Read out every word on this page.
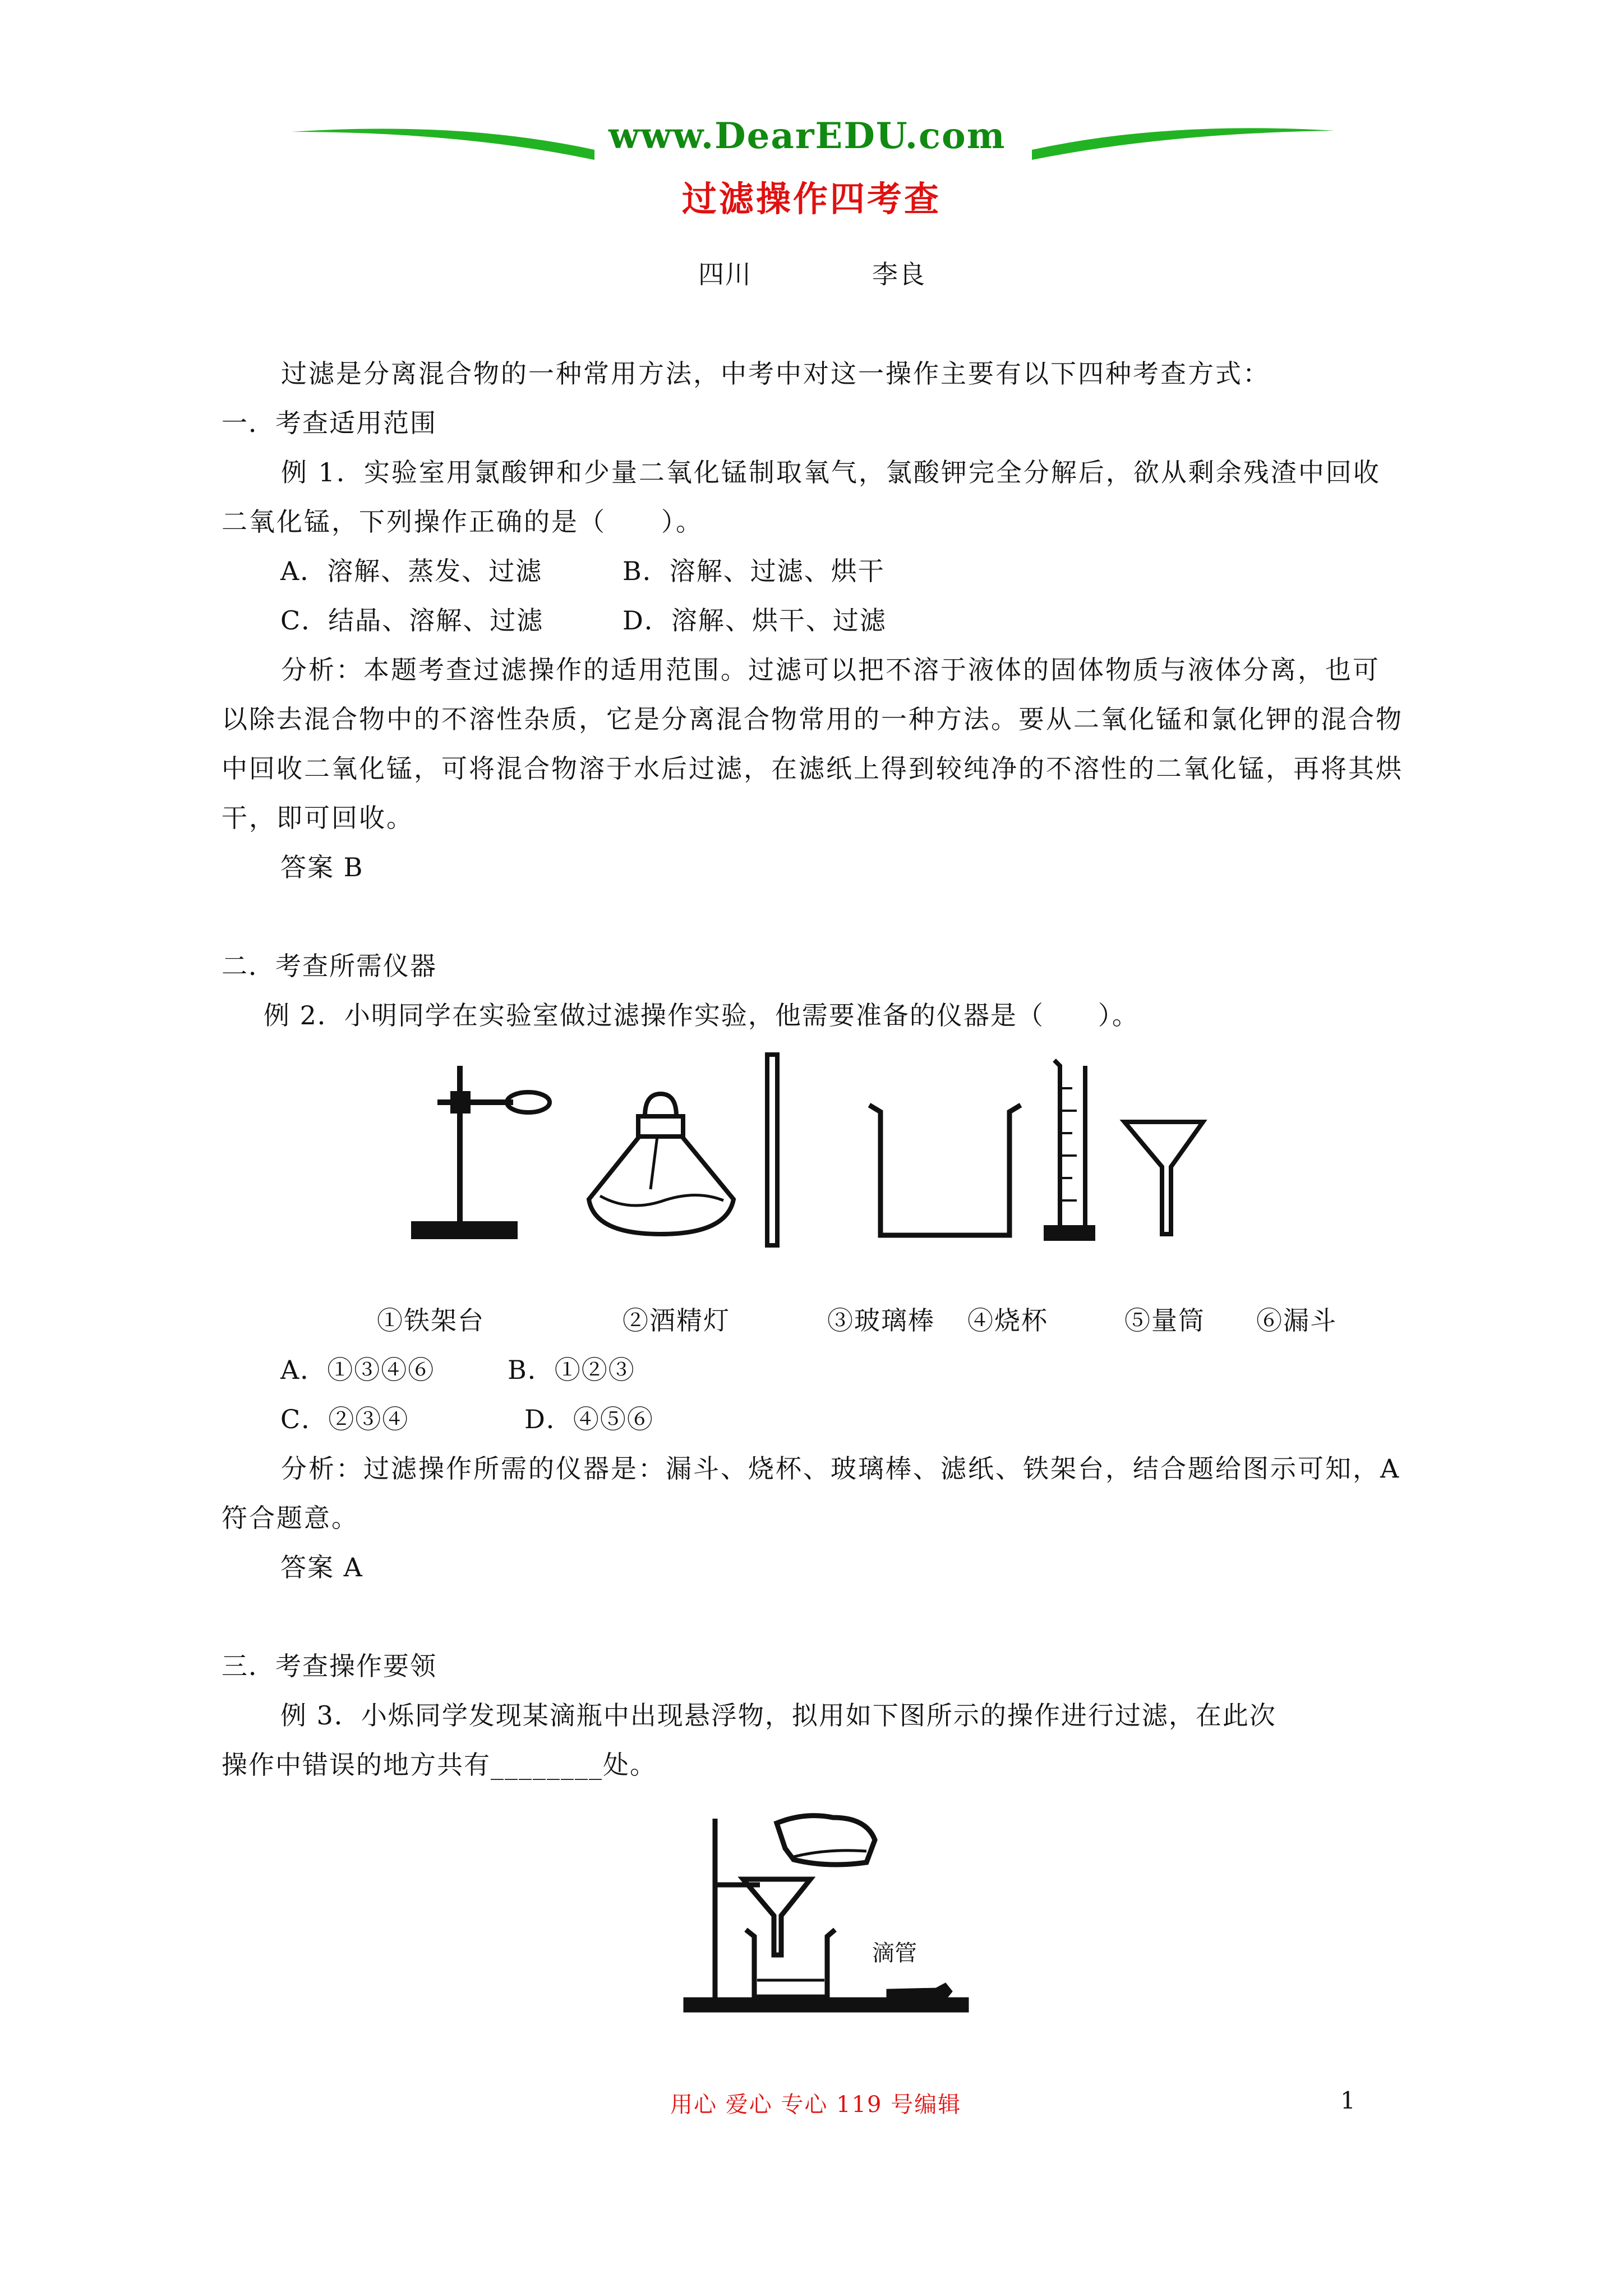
www.DearEDU.com
过滤操作四考查
四川	李良
过滤是分离混合物的一种常用方法，中考中对这一操作主要有以下四种考查方式：
一．考查适用范围
例 1．实验室用氯酸钾和少量二氧化锰制取氧气，氯酸钾完全分解后，欲从剩余残渣中回收二氧化锰，下列操作正确的是（　　）。
A．溶解、蒸发、过滤	B．溶解、过滤、烘干
C．结晶、溶解、过滤	D．溶解、烘干、过滤
分析：本题考查过滤操作的适用范围。过滤可以把不溶于液体的固体物质与液体分离，也可以除去混合物中的不溶性杂质，它是分离混合物常用的一种方法。要从二氧化锰和氯化钾的混合物中回收二氧化锰，可将混合物溶于水后过滤，在滤纸上得到较纯净的不溶性的二氧化锰，再将其烘干，即可回收。
答案 B
二．考查所需仪器
例 2．小明同学在实验室做过滤操作实验，他需要准备的仪器是（　　）。
①铁架台	②酒精灯	③玻璃棒 ④烧杯	⑤量筒 ⑥漏斗
A．①③④⑥	B．①②③
C．②③④	D．④⑤⑥
分析：过滤操作所需的仪器是：漏斗、烧杯、玻璃棒、滤纸、铁架台，结合题给图示可知，A 符合题意。
答案 A
三．考查操作要领
例 3．小烁同学发现某滴瓶中出现悬浮物，拟用如下图所示的操作进行过滤，在此次
操作中错误的地方共有________处。
滴管
用心 爱心 专心 119 号编辑	1
